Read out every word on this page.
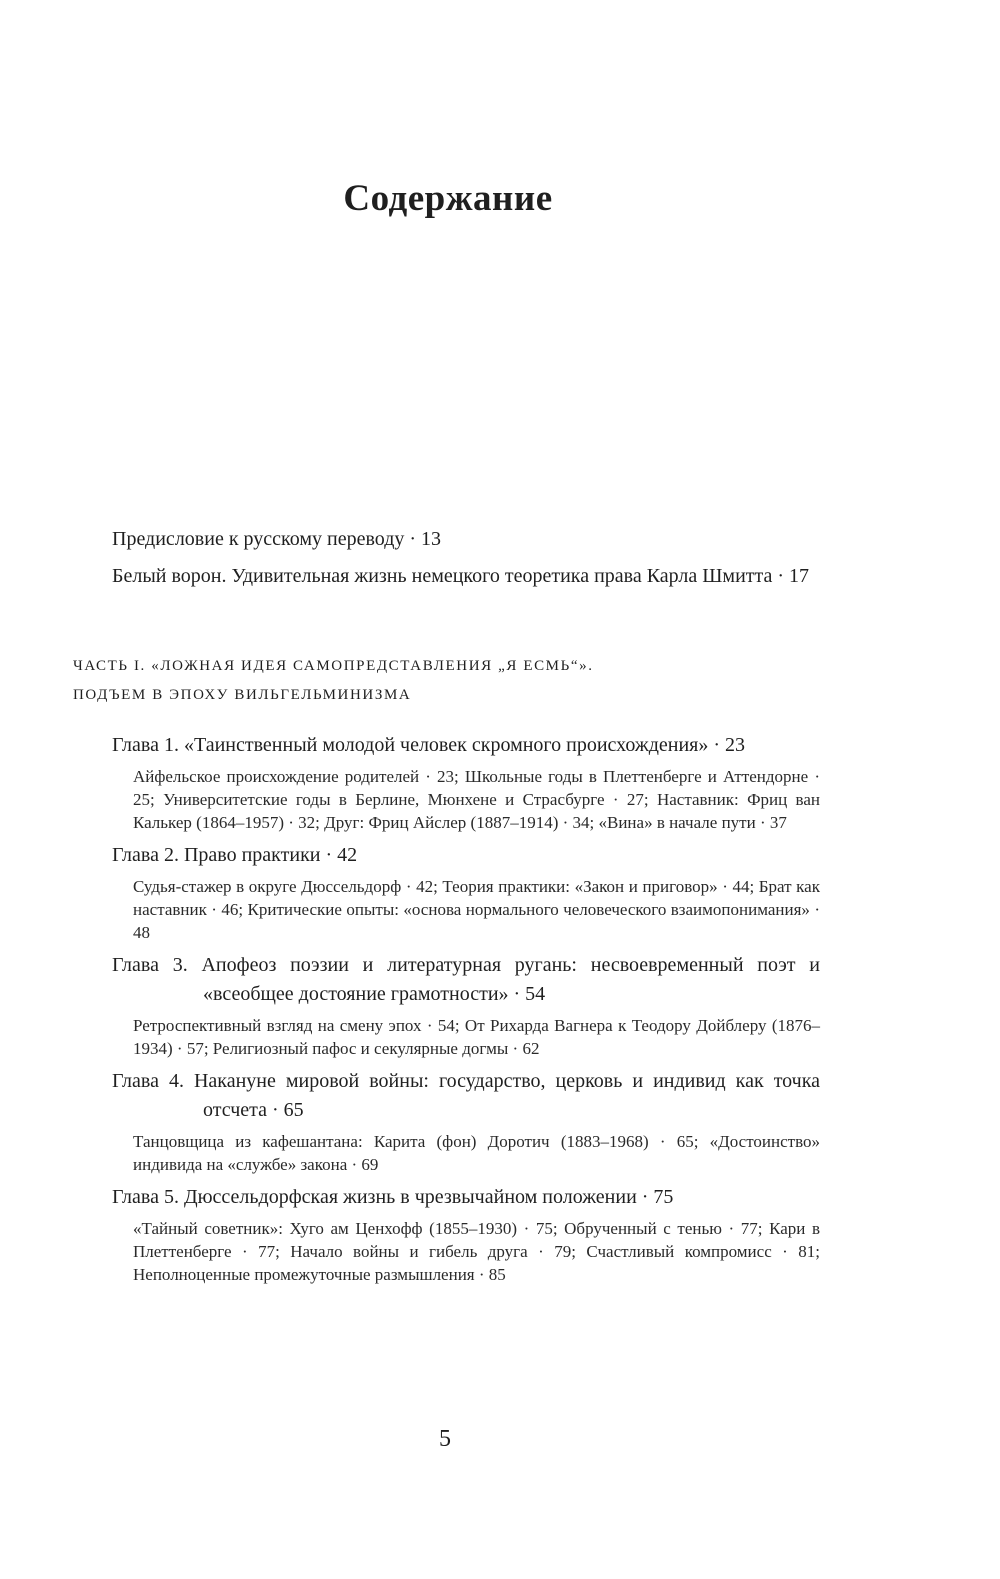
Содержание
Предисловие к русскому переводу · 13
Белый ворон. Удивительная жизнь немецкого теоретика права Карла Шмитта · 17
ЧАСТЬ I. «ЛОЖНАЯ ИДЕЯ САМОПРЕДСТАВЛЕНИЯ „Я ЕСМЬ“».
ПОДЪЕМ В ЭПОХУ ВИЛЬГЕЛЬМИНИЗМА
Глава 1. «Таинственный молодой человек скромного происхождения» · 23
Айфельское происхождение родителей · 23; Школьные годы в Плеттенберге и Аттендорне · 25; Университетские годы в Берлине, Мюнхене и Страсбурге · 27; Наставник: Фриц ван Калькер (1864–1957) · 32; Друг: Фриц Айслер (1887–1914) · 34; «Вина» в начале пути · 37
Глава 2. Право практики · 42
Судья-стажер в округе Дюссельдорф · 42; Теория практики: «Закон и приговор» · 44; Брат как наставник · 46; Критические опыты: «основа нормального человеческого взаимопонимания» · 48
Глава 3. Апофеоз поэзии и литературная ругань: несвоевременный поэт и «всеобщее достояние грамотности» · 54
Ретроспективный взгляд на смену эпох · 54; От Рихарда Вагнера к Теодору Дойблеру (1876–1934) · 57; Религиозный пафос и секулярные догмы · 62
Глава 4. Накануне мировой войны: государство, церковь и индивид как точка отсчета · 65
Танцовщица из кафешантана: Карита (фон) Доротич (1883–1968) · 65; «Достоинство» индивида на «службе» закона · 69
Глава 5. Дюссельдорфская жизнь в чрезвычайном положении · 75
«Тайный советник»: Хуго ам Ценхофф (1855–1930) · 75; Обрученный с тенью · 77; Кари в Плеттенберге · 77; Начало войны и гибель друга · 79; Счастливый компромисс · 81; Неполноценные промежуточные размышления · 85
5
